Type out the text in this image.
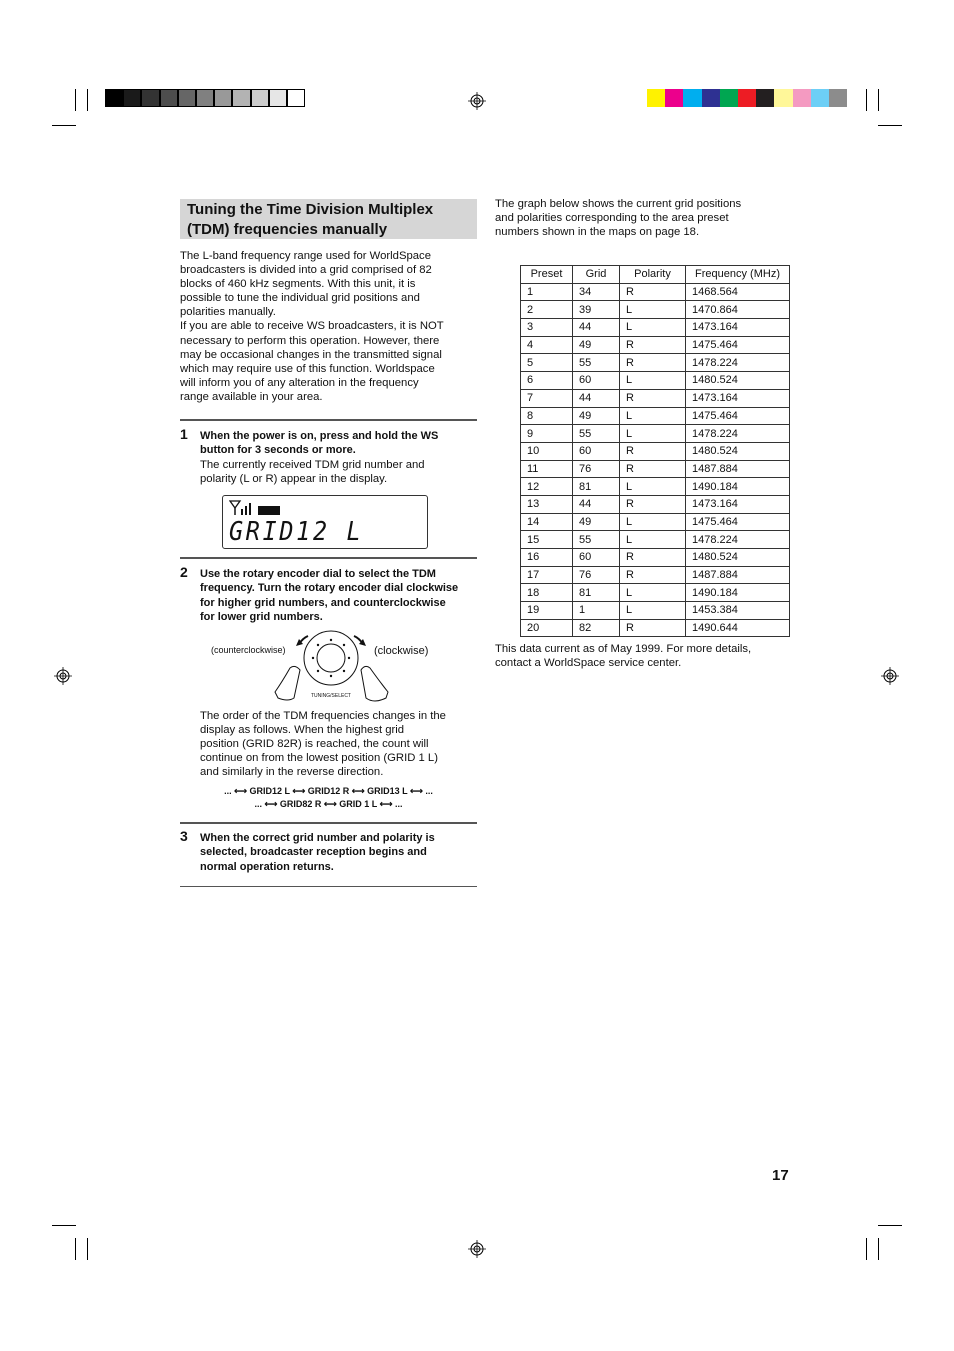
Tuning the Time Division Multiplex
(TDM) frequencies manually
The L-band frequency range used for WorldSpace
broadcasters is divided into a grid comprised of 82
blocks of 460 kHz segments. With this unit, it is
possible to tune the individual grid positions and
polarities manually.
If you are able to receive WS broadcasters, it is NOT
necessary to perform this operation. However, there
may be occasional changes in the transmitted signal
which may require use of this function. Worldspace
will inform you of any alteration in the frequency
range available in your area.
1 When the power is on, press and hold the WS
button for 3 seconds or more.
The currently received TDM grid number and
polarity (L or R) appear in the display.
GRID12 L
2 Use the rotary encoder dial to select the TDM
frequency. Turn the rotary encoder dial clockwise
for higher grid numbers, and counterclockwise
for lower grid numbers.
(counterclockwise)	(clockwise)
TUNING/SELECT
The order of the TDM frequencies changes in the
display as follows. When the highest grid
position (GRID 82R) is reached, the count will
continue on from the lowest position (GRID 1 L)
and similarly in the reverse direction.
... ⟷ GRID12 L ⟷ GRID12 R ⟷ GRID13 L ⟷ ...
... ⟷ GRID82 R ⟷ GRID 1 L ⟷ ...
3 When the correct grid number and polarity is
selected, broadcaster reception begins and
normal operation returns.
The graph below shows the current grid positions
and polarities corresponding to the area preset
numbers shown in the maps on page 18.
Preset	Grid	Polarity	Frequency (MHz)
1	34	R	1468.564
2	39	L	1470.864
3	44	L	1473.164
4	49	R	1475.464
5	55	R	1478.224
6	60	L	1480.524
7	44	R	1473.164
8	49	L	1475.464
9	55	L	1478.224
10	60	R	1480.524
11	76	R	1487.884
12	81	L	1490.184
13	44	R	1473.164
14	49	L	1475.464
15	55	L	1478.224
16	60	R	1480.524
17	76	R	1487.884
18	81	L	1490.184
19	1	L	1453.384
20	82	R	1490.644
This data current as of May 1999. For more details,
contact a WorldSpace service center.
17
